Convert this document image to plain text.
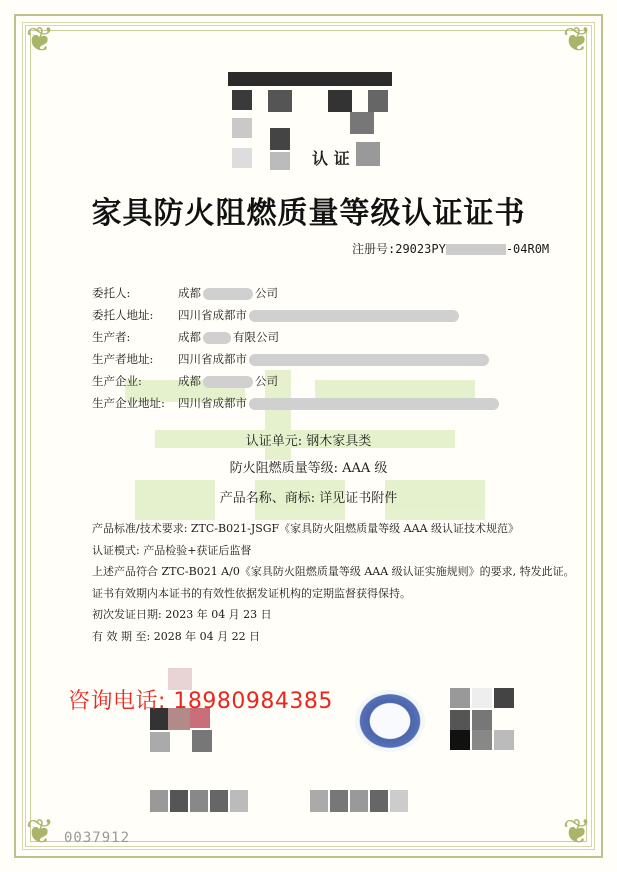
❦	❦
❦	❦
认 证
家具防火阻燃质量等级认证证书
注册号:29023PY	-04R0M
委托人:	成都	公司
委托人地址:	四川省成都市
生产者:	成都	有限公司
生产者地址:	四川省成都市
生产企业:	成都	公司
生产企业地址:	四川省成都市
认证单元: 钢木家具类
防火阻燃质量等级: AAA 级
产品名称、商标: 详见证书附件
产品标准/技术要求: ZTC-B021-JSGF《家具防火阻燃质量等级 AAA 级认证技术规范》
认证模式: 产品检验+获证后监督
上述产品符合 ZTC-B021 A/0《家具防火阻燃质量等级 AAA 级认证实施规则》的要求, 特发此证。
证书有效期内本证书的有效性依据发证机构的定期监督获得保持。
初次发证日期: 2023 年 04 月 23 日
有 效 期 至: 2028 年 04 月 22 日
咨询电话: 18980984385
0037912
